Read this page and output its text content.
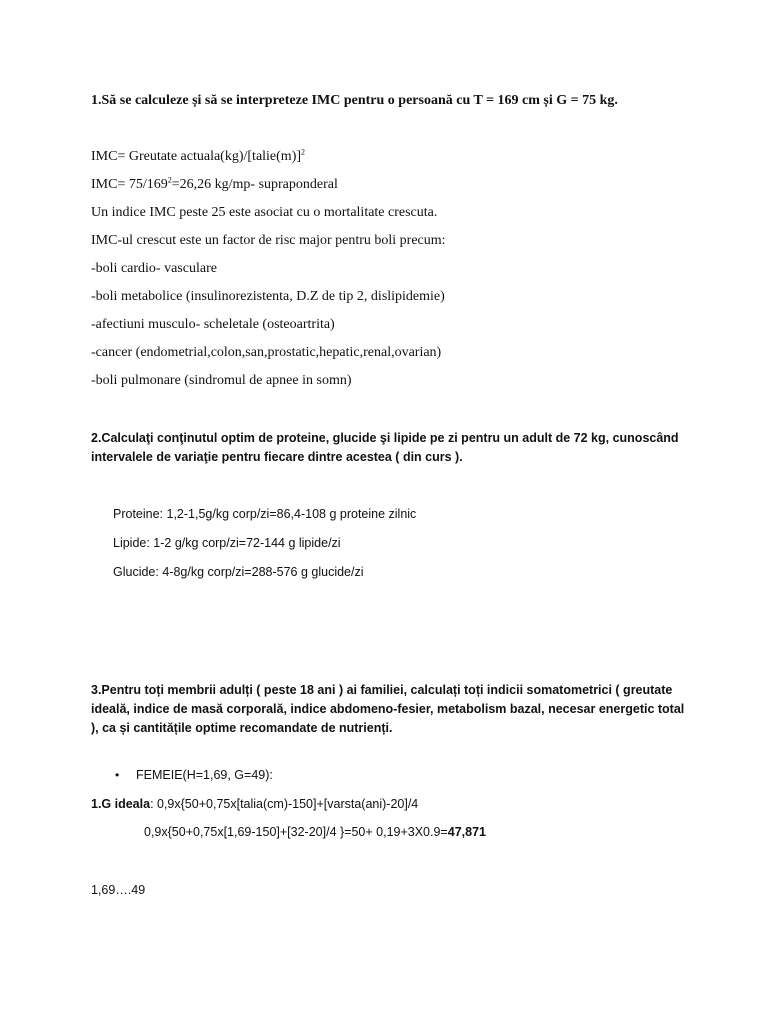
1.Să se calculeze și să se interpreteze IMC pentru o persoană cu T = 169 cm și G = 75 kg.
IMC= Greutate actuala(kg)/[talie(m)]$^2$
$IMC= 75/169^2=26,26$ kg/mp- supraponderal
Un indice IMC peste 25 este asociat cu o mortalitate crescuta.
IMC-ul crescut este un factor de risc major pentru boli precum:
-boli cardio- vasculare
-boli metabolice (insulinorezistenta, D.Z de tip 2, dislipidemie)
-afectiuni musculo- scheletale (osteoartrita)
-cancer (endometrial,colon,san,prostatic,hepatic,renal,ovarian)
-boli pulmonare (sindromul de apnee in somn)
2.Calculaţi conţinutul optim de proteine, glucide şi lipide pe zi pentru un adult de 72 kg, cunoscând intervalele de variaţie pentru fiecare dintre acestea ( din curs ).
Proteine: 1,2-1,5g/kg corp/zi=86,4-108 g proteine zilnic
Lipide: 1-2 g/kg corp/zi=72-144 g lipide/zi
Glucide: 4-8g/kg corp/zi=288-576 g glucide/zi
3.Pentru toți membrii adulți ( peste 18 ani ) ai familiei, calculați toți indicii somatometrici ( greutate ideală, indice de masă corporală, indice abdomeno-fesier, metabolism bazal, necesar energetic total ), ca și cantitățile optime recomandate de nutrienți.
• FEMEIE(H=1,69, G=49):
1.G ideala: 0,9x{50+0,75x[talia(cm)-150]+[varsta(ani)-20]/4
0,9x{50+0,75x[1,69-150]+[32-20]/4 }=50+ 0,19+3X0.9=47,871
1,69….49
